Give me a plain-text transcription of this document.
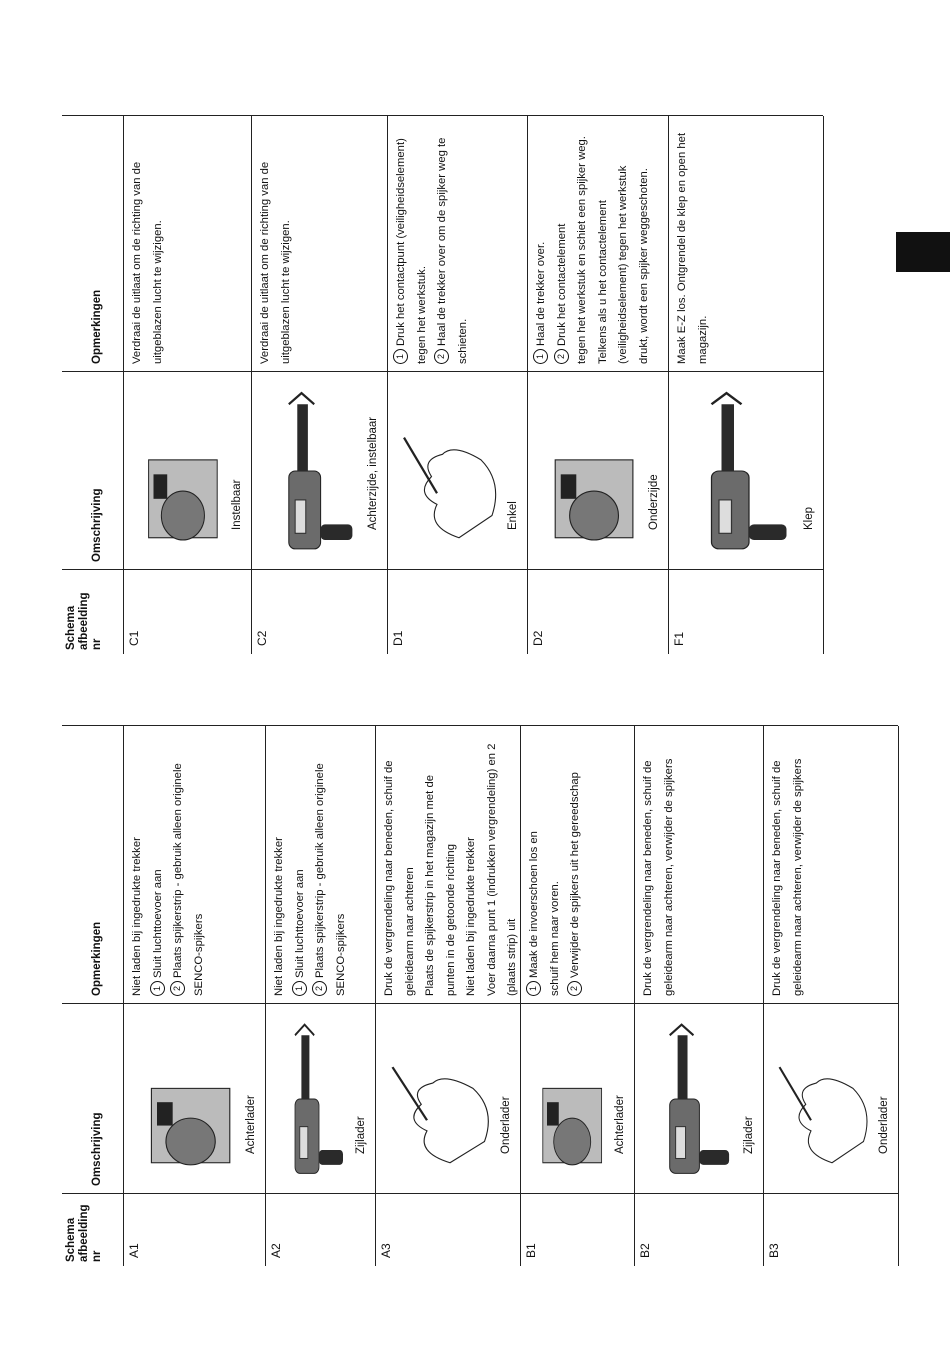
Schema afbeelding nr
Omschrijving
Opmerkingen
C1
Instelbaar
Verdraai de uitlaat om de richting van de uitgeblazen lucht te wijzigen.
C2
Achterzijde, instelbaar
Verdraai de uitlaat om de richting van de uitgeblazen lucht te wijzigen.
D1
Enkel
1Druk het contactpunt (veiligheidselement) tegen het werkstuk. 2Haal de trekker over om de spijker weg te schieten.
D2
Onderzijde
1Haal de trekker over.
2Druk het contactelement tegen het werkstuk en schiet een spijker weg. Telkens als u het contactelement (veiligheidselement) tegen het werkstuk drukt, wordt een spijker weggeschoten.
F1
Klep
Maak E-Z los. Ontgrendel de klep en open het magazijn.
Schema afbeelding nr
Omschrijving
Opmerkingen
A1
Achterlader
Niet laden bij ingedrukte trekker 1Sluit luchttoevoer aan
2Plaats spijkerstrip - gebruik alleen originele SENCO-spijkers
A2
Zijlader
Niet laden bij ingedrukte trekker 1Sluit luchttoevoer aan
2Plaats spijkerstrip - gebruik alleen originele SENCO-spijkers
A3
Onderlader
Druk de vergrendeling naar beneden, schuif de geleidearm naar achteren Plaats de spijkerstrip in het magazijn met de punten in de getoonde richting Niet laden bij ingedrukte trekker Voer daarna punt 1 (indrukken vergrendeling) en 2 (plaats strip) uit
B1
Achterlader
1Maak de invoerschoen los en schuif hem naar voren. 2Verwijder de spijkers uit het gereedschap
B2
Zijlader
Druk de vergrendeling naar beneden, schuif de geleidearm naar achteren, verwijder de spijkers
B3
Onderlader
Druk de vergrendeling naar beneden, schuif de geleidearm naar achteren, verwijder de spijkers
